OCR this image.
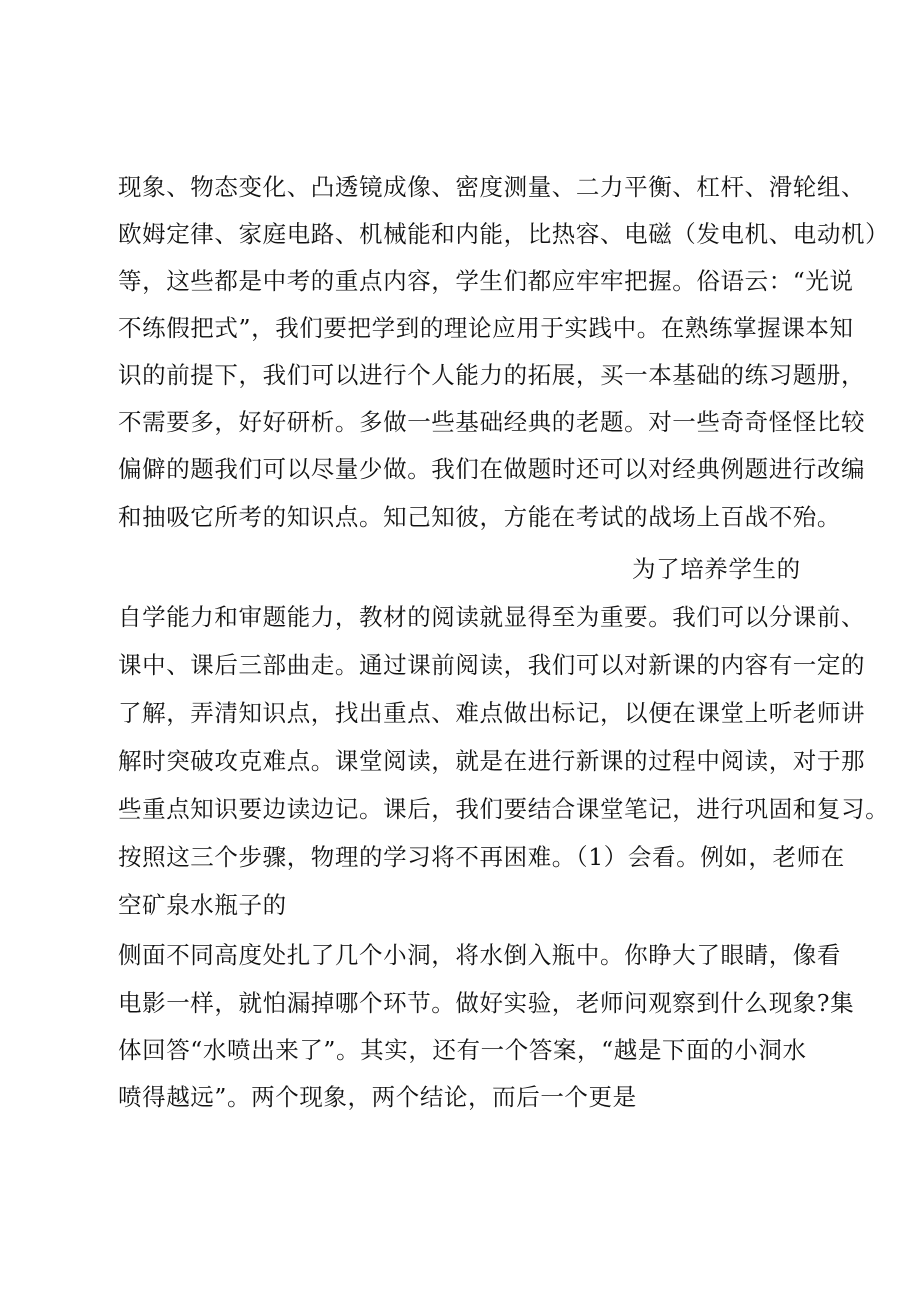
现象、物态变化、凸透镜成像、密度测量、二力平衡、杠杆、滑轮组、
欧姆定律、家庭电路、机械能和内能，比热容、电磁（发电机、电动机）
等，这些都是中考的重点内容，学生们都应牢牢把握。俗语云：“光说
不练假把式”，我们要把学到的理论应用于实践中。在熟练掌握课本知
识的前提下，我们可以进行个人能力的拓展，买一本基础的练习题册，
不需要多，好好研析。多做一些基础经典的老题。对一些奇奇怪怪比较
偏僻的题我们可以尽量少做。我们在做题时还可以对经典例题进行改编
和抽吸它所考的知识点。知己知彼，方能在考试的战场上百战不殆。
为了培养学生的
自学能力和审题能力，教材的阅读就显得至为重要。我们可以分课前、
课中、课后三部曲走。通过课前阅读，我们可以对新课的内容有一定的
了解，弄清知识点，找出重点、难点做出标记，以便在课堂上听老师讲
解时突破攻克难点。课堂阅读，就是在进行新课的过程中阅读，对于那
些重点知识要边读边记。课后，我们要结合课堂笔记，进行巩固和复习。
按照这三个步骤，物理的学习将不再困难。（1）会看。例如，老师在
空矿泉水瓶子的
侧面不同高度处扎了几个小洞，将水倒入瓶中。你睁大了眼睛，像看
电影一样，就怕漏掉哪个环节。做好实验，老师问观察到什么现象?集
体回答“水喷出来了”。其实，还有一个答案，“越是下面的小洞水
喷得越远”。两个现象，两个结论，而后一个更是
